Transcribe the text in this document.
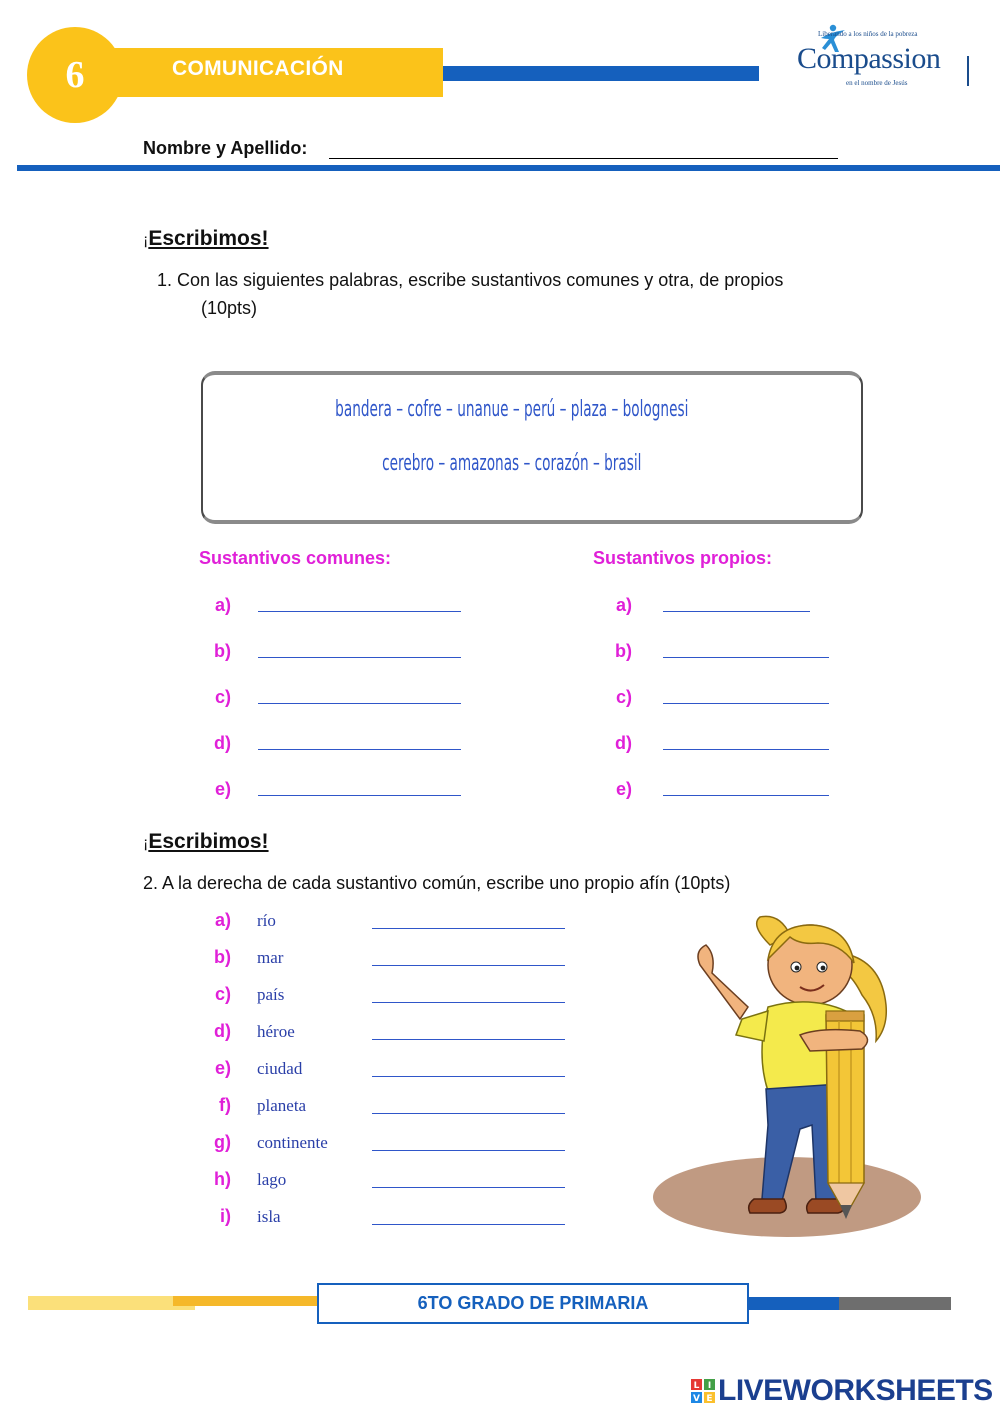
6	COMUNICACIÓN
Liberando a los niños de la pobreza
Compassion
en el nombre de Jesús
Nombre y Apellido:
¡Escribimos!
1. Con las siguientes palabras, escribe sustantivos comunes y otra, de propios
(10pts)
bandera – cofre – unanue – perú – plaza – bolognesi
cerebro – amazonas – corazón – brasil
Sustantivos comunes:	Sustantivos propios:
a)
b)
c)
d)
e)
a)
b)
c)
d)
e)
¡Escribimos!
2. A la derecha de cada sustantivo común, escribe uno propio afín (10pts)
a) río
b) mar
c) país
d) héroe
e) ciudad
f) planeta
g) continente
h) lago
i) isla
6TO GRADO DE PRIMARIA
L I
V E LIVEWORKSHEETS
